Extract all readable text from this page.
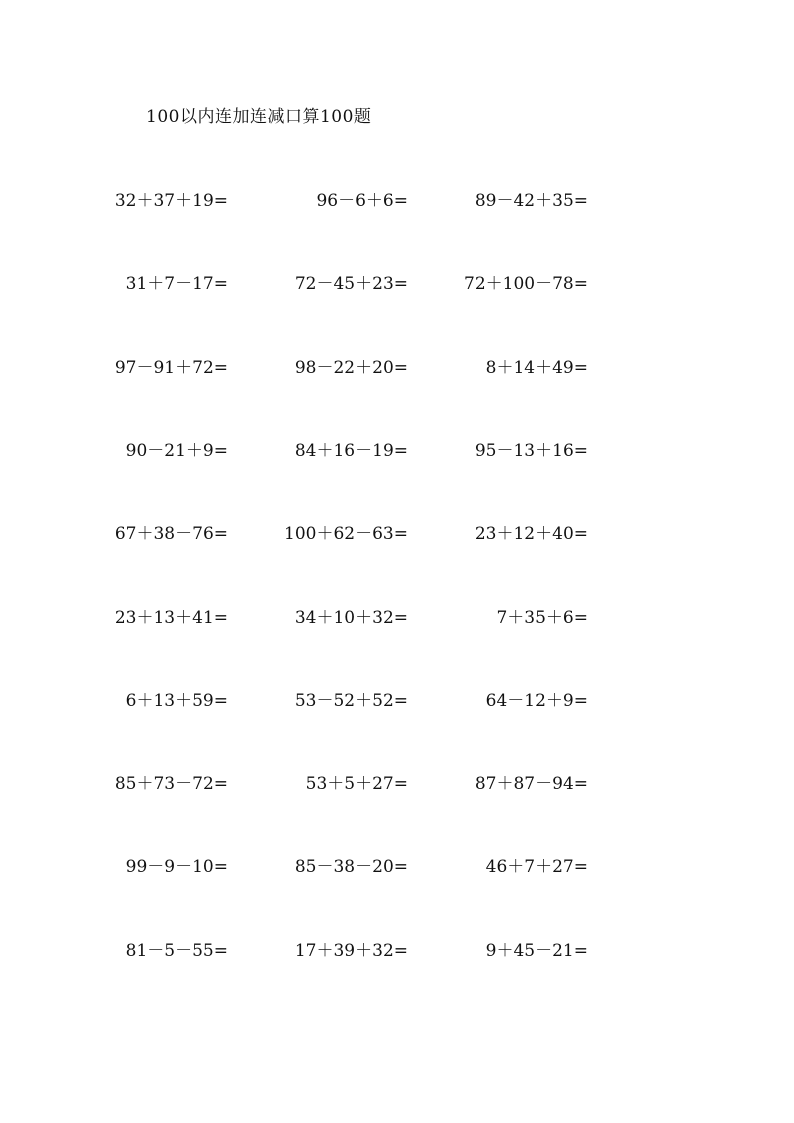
100以内连加连减口算100题
32＋37＋19=	96－6＋6=	89－42＋35=
31＋7－17=	72－45＋23=	72＋100－78=
97－91＋72=	98－22＋20=	8＋14＋49=
90－21＋9=	84＋16－19=	95－13＋16=
67＋38－76=	100＋62－63=	23＋12＋40=
23＋13＋41=	34＋10＋32=	7＋35＋6=
6＋13＋59=	53－52＋52=	64－12＋9=
85＋73－72=	53＋5＋27=	87＋87－94=
99－9－10=	85－38－20=	46＋7＋27=
81－5－55=	17＋39＋32=	9＋45－21=
